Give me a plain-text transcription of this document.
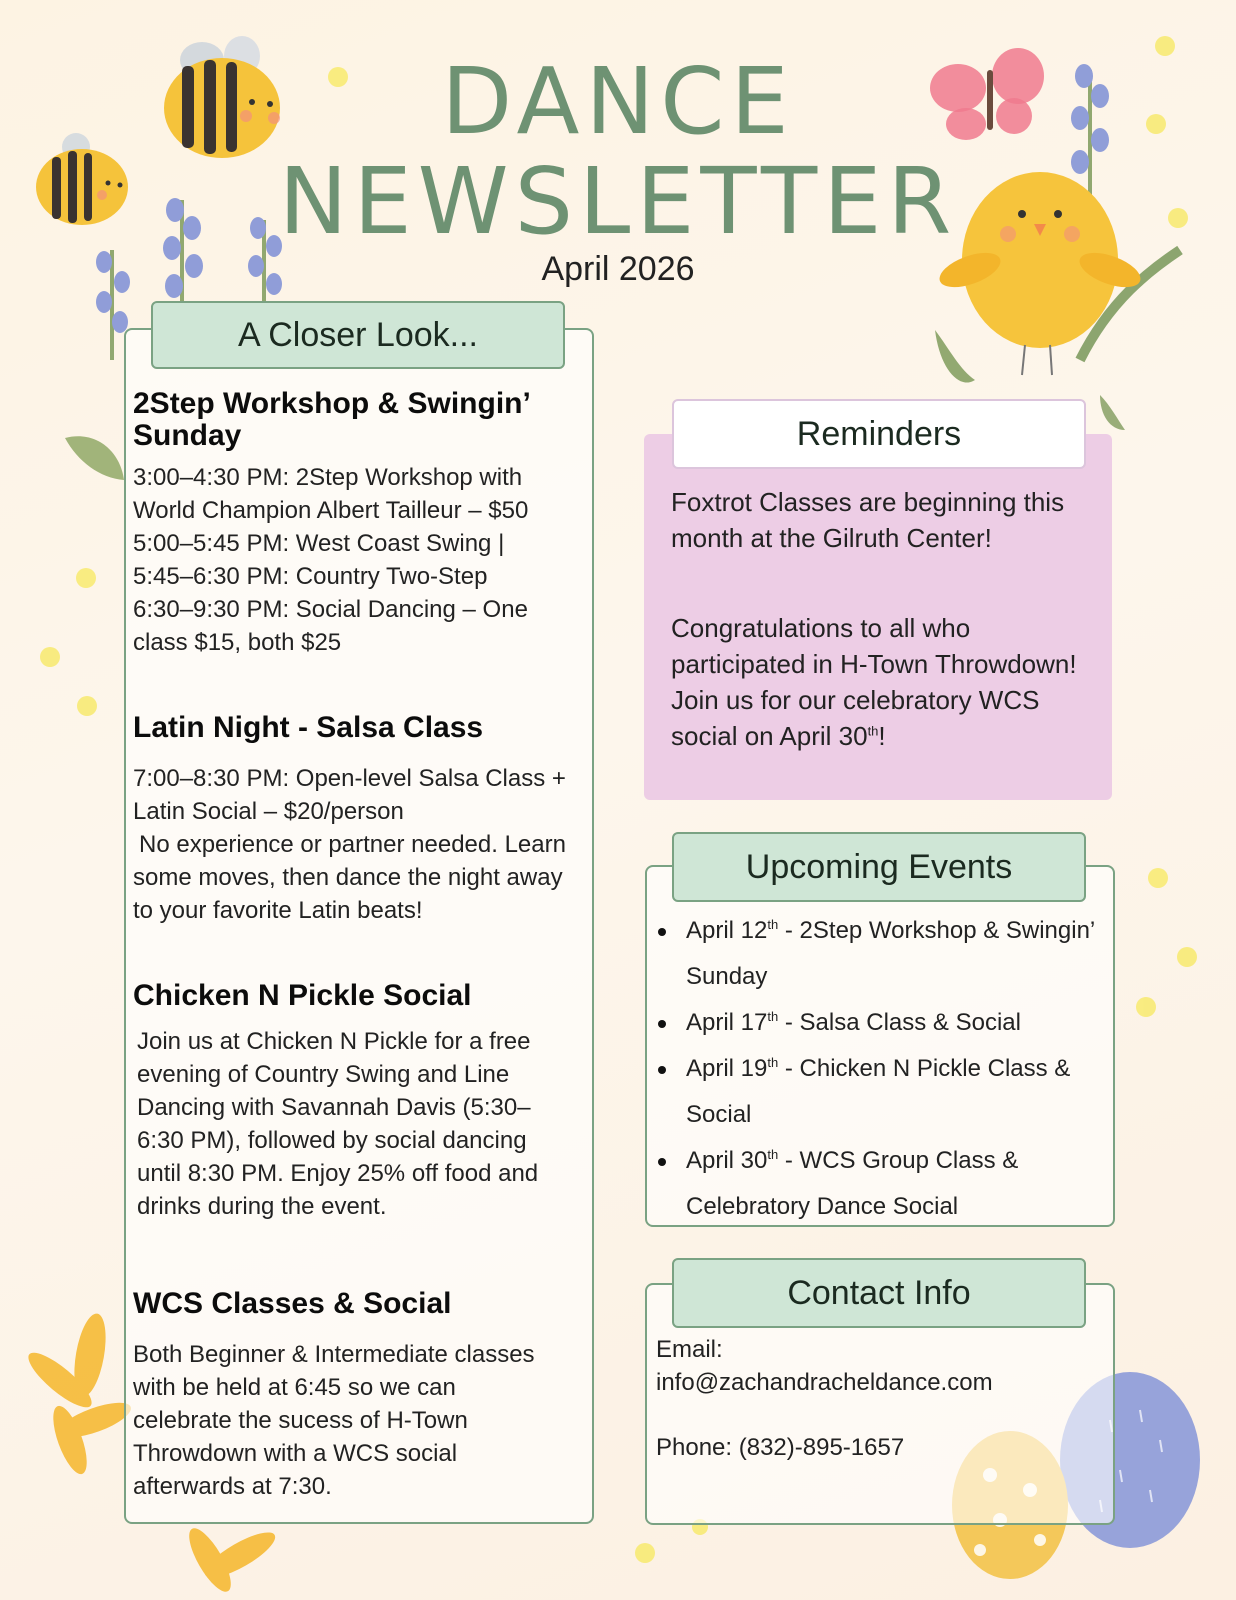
DANCE
NEWSLETTER
April 2026
A Closer Look...
2Step Workshop & Swingin’ Sunday
3:00–4:30 PM: 2Step Workshop with World Champion Albert Tailleur – $50
5:00–5:45 PM: West Coast Swing |
5:45–6:30 PM: Country Two-Step
6:30–9:30 PM: Social Dancing – One class $15, both $25
Latin Night - Salsa Class
7:00–8:30 PM: Open-level Salsa Class + Latin Social – $20/person
No experience or partner needed. Learn some moves, then dance the night away to your favorite Latin beats!
Chicken N Pickle Social
Join us at Chicken N Pickle for a free evening of Country Swing and Line Dancing with Savannah Davis (5:30–6:30 PM), followed by social dancing until 8:30 PM. Enjoy 25% off food and drinks during the event.
WCS Classes & Social
Both Beginner & Intermediate classes with be held at 6:45 so we can celebrate the sucess of H-Town Throwdown with a WCS social afterwards at 7:30.
Reminders
Foxtrot Classes are beginning this month at the Gilruth Center!
Congratulations to all who participated in H-Town Throwdown! Join us for our celebratory WCS social on April 30th!
Upcoming Events
April 12th - 2Step Workshop & Swingin’ Sunday
April 17th - Salsa Class & Social
April 19th - Chicken N Pickle Class & Social
April 30th - WCS Group Class & Celebratory Dance Social
Contact Info
Email:
info@zachandracheldance.com
Phone: (832)-895-1657
